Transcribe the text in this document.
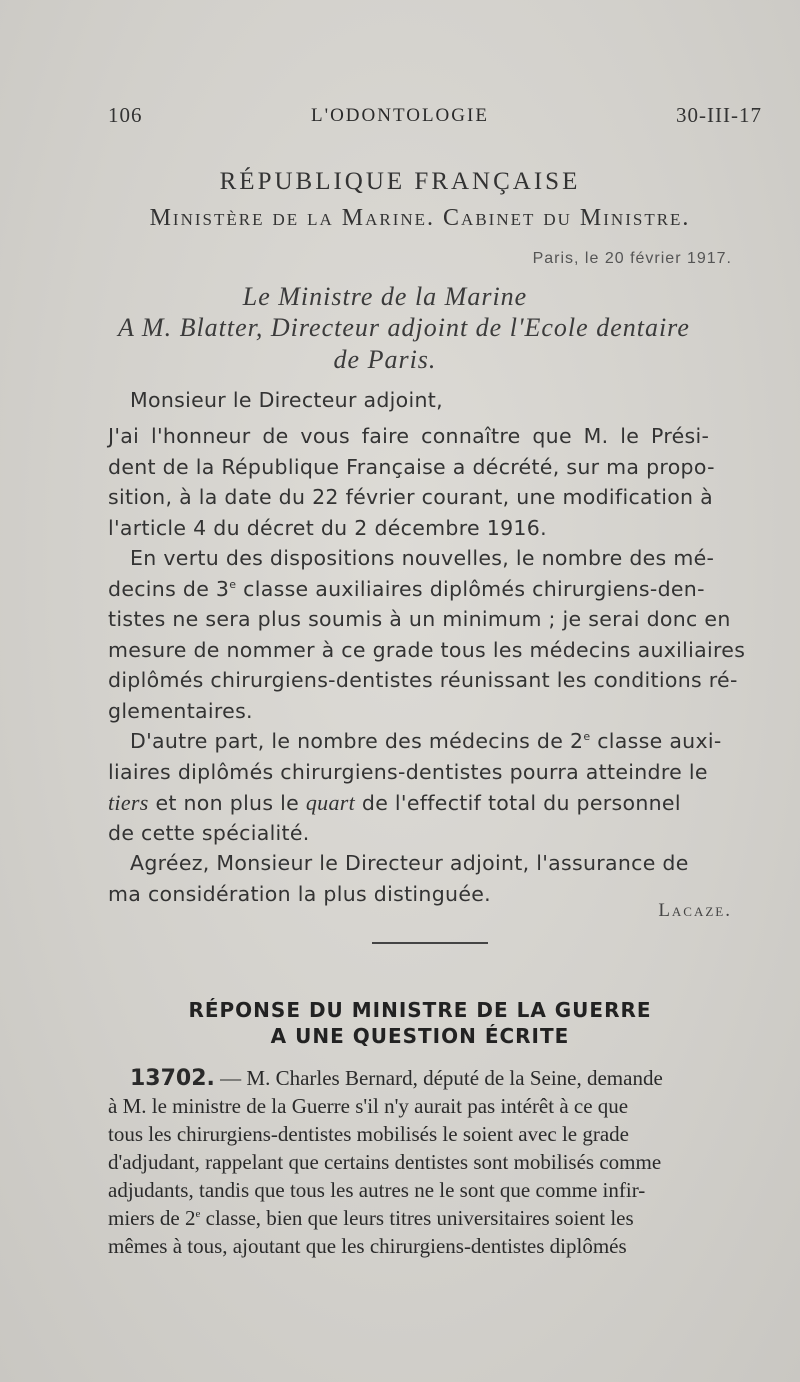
106	L'ODONTOLOGIE	30-III-17
RÉPUBLIQUE FRANÇAISE
Ministère de la Marine. Cabinet du Ministre.
Paris, le 20 février 1917.
Le Ministre de la Marine
A M. Blatter, Directeur adjoint de l'Ecole dentaire
de Paris.
Monsieur le Directeur adjoint,
J'ai l'honneur de vous faire connaître que M. le Prési-
dent de la République Française a décrété, sur ma propo-
sition, à la date du 22 février courant, une modification à
l'article 4 du décret du 2 décembre 1916.
En vertu des dispositions nouvelles, le nombre des mé-
decins de 3e classe auxiliaires diplômés chirurgiens-den-
tistes ne sera plus soumis à un minimum ; je serai donc en
mesure de nommer à ce grade tous les médecins auxiliaires
diplômés chirurgiens-dentistes réunissant les conditions ré-
glementaires.
D'autre part, le nombre des médecins de 2e classe auxi-
liaires diplômés chirurgiens-dentistes pourra atteindre le
tiers et non plus le quart de l'effectif total du personnel
de cette spécialité.
Agréez, Monsieur le Directeur adjoint, l'assurance de
ma considération la plus distinguée.
Lacaze.
RÉPONSE DU MINISTRE DE LA GUERRE
A UNE QUESTION ÉCRITE
13702. — M. Charles Bernard, député de la Seine, demande
à M. le ministre de la Guerre s'il n'y aurait pas intérêt à ce que
tous les chirurgiens-dentistes mobilisés le soient avec le grade
d'adjudant, rappelant que certains dentistes sont mobilisés comme
adjudants, tandis que tous les autres ne le sont que comme infir-
miers de 2e classe, bien que leurs titres universitaires soient les
mêmes à tous, ajoutant que les chirurgiens-dentistes diplômés
